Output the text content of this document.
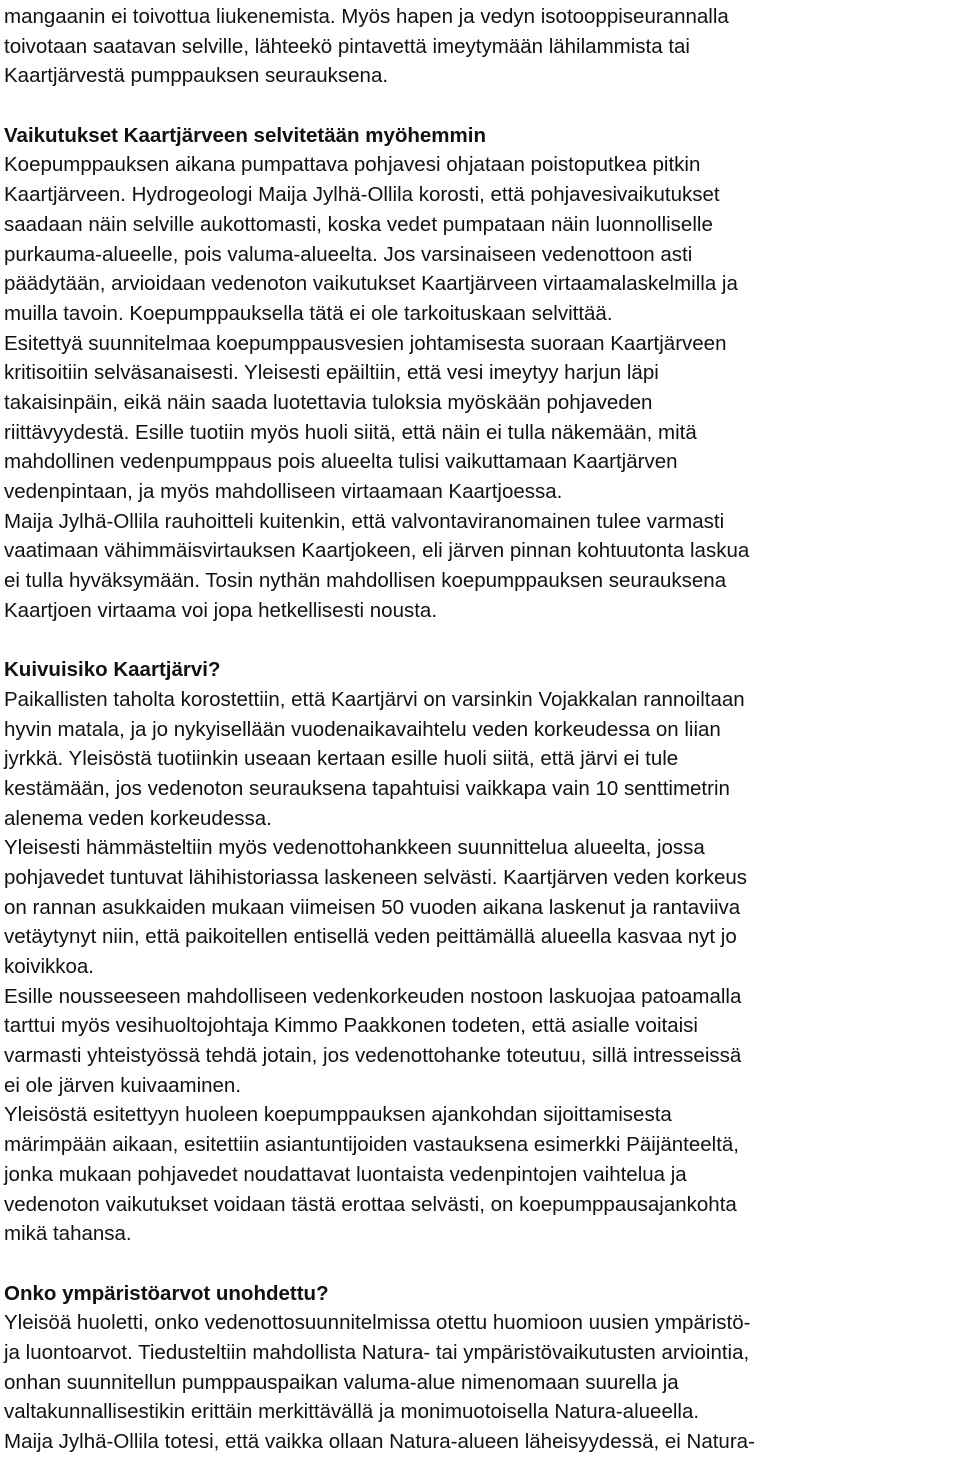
mangaanin ei toivottua liukenemista. Myös hapen ja vedyn isotooppiseurannalla
toivotaan saatavan selville, lähteekö pintavettä imeytymään lähilammista tai
Kaartjärvestä pumppauksen seurauksena.
Vaikutukset Kaartjärveen selvitetään myöhemmin
Koepumppauksen aikana pumpattava pohjavesi ohjataan poistoputkea pitkin
Kaartjärveen. Hydrogeologi Maija Jylhä-Ollila korosti, että pohjavesivaikutukset
saadaan näin selville aukottomasti, koska vedet pumpataan näin luonnolliselle
purkauma-alueelle, pois valuma-alueelta. Jos varsinaiseen vedenottoon asti
päädytään, arvioidaan vedenoton vaikutukset Kaartjärveen virtaamalaskelmilla ja
muilla tavoin. Koepumppauksella tätä ei ole tarkoituskaan selvittää.
Esitettyä suunnitelmaa koepumppausvesien johtamisesta suoraan Kaartjärveen
kritisoitiin selväsanaisesti. Yleisesti epäiltiin, että vesi imeytyy harjun läpi
takaisinpäin, eikä näin saada luotettavia tuloksia myöskään pohjaveden
riittävyydestä. Esille tuotiin myös huoli siitä, että näin ei tulla näkemään, mitä
mahdollinen vedenpumppaus pois alueelta tulisi vaikuttamaan Kaartjärven
vedenpintaan, ja myös mahdolliseen virtaamaan Kaartjoessa.
Maija Jylhä-Ollila rauhoitteli kuitenkin, että valvontaviranomainen tulee varmasti
vaatimaan vähimmäisvirtauksen Kaartjokeen, eli järven pinnan kohtuutonta laskua
ei tulla hyväksymään. Tosin nythän mahdollisen koepumppauksen seurauksena
Kaartjoen virtaama voi jopa hetkellisesti nousta.
Kuivuisiko Kaartjärvi?
Paikallisten taholta korostettiin, että Kaartjärvi on varsinkin Vojakkalan rannoiltaan
hyvin matala, ja jo nykyisellään vuodenaikavaihtelu veden korkeudessa on liian
jyrkkä. Yleisöstä tuotiinkin useaan kertaan esille huoli siitä, että järvi ei tule
kestämään, jos vedenoton seurauksena tapahtuisi vaikkapa vain 10 senttimetrin
alenema veden korkeudessa.
Yleisesti hämmästeltiin myös vedenottohankkeen suunnittelua alueelta, jossa
pohjavedet tuntuvat lähihistoriassa laskeneen selvästi. Kaartjärven veden korkeus
on rannan asukkaiden mukaan viimeisen 50 vuoden aikana laskenut ja rantaviiva
vetäytynyt niin, että paikoitellen entisellä veden peittämällä alueella kasvaa nyt jo
koivikkoa.
Esille nousseeseen mahdolliseen vedenkorkeuden nostoon laskuojaa patoamalla
tarttui myös vesihuoltojohtaja Kimmo Paakkonen todeten, että asialle voitaisi
varmasti yhteistyössä tehdä jotain, jos vedenottohanke toteutuu, sillä intresseissä
ei ole järven kuivaaminen.
Yleisöstä esitettyyn huoleen koepumppauksen ajankohdan sijoittamisesta
märimpään aikaan, esitettiin asiantuntijoiden vastauksena esimerkki Päijänteeltä,
jonka mukaan pohjavedet noudattavat luontaista vedenpintojen vaihtelua ja
vedenoton vaikutukset voidaan tästä erottaa selvästi, on koepumppausajankohta
mikä tahansa.
Onko ympäristöarvot unohdettu?
Yleisöä huoletti, onko vedenottosuunnitelmissa otettu huomioon uusien ympäristö-
ja luontoarvot. Tiedusteltiin mahdollista Natura- tai ympäristövaikutusten arviointia,
onhan suunnitellun pumppauspaikan valuma-alue nimenomaan suurella ja
valtakunnallisestikin erittäin merkittävällä ja monimuotoisella Natura-alueella.
Maija Jylhä-Ollila totesi, että vaikka ollaan Natura-alueen läheisyydessä, ei Natura-
